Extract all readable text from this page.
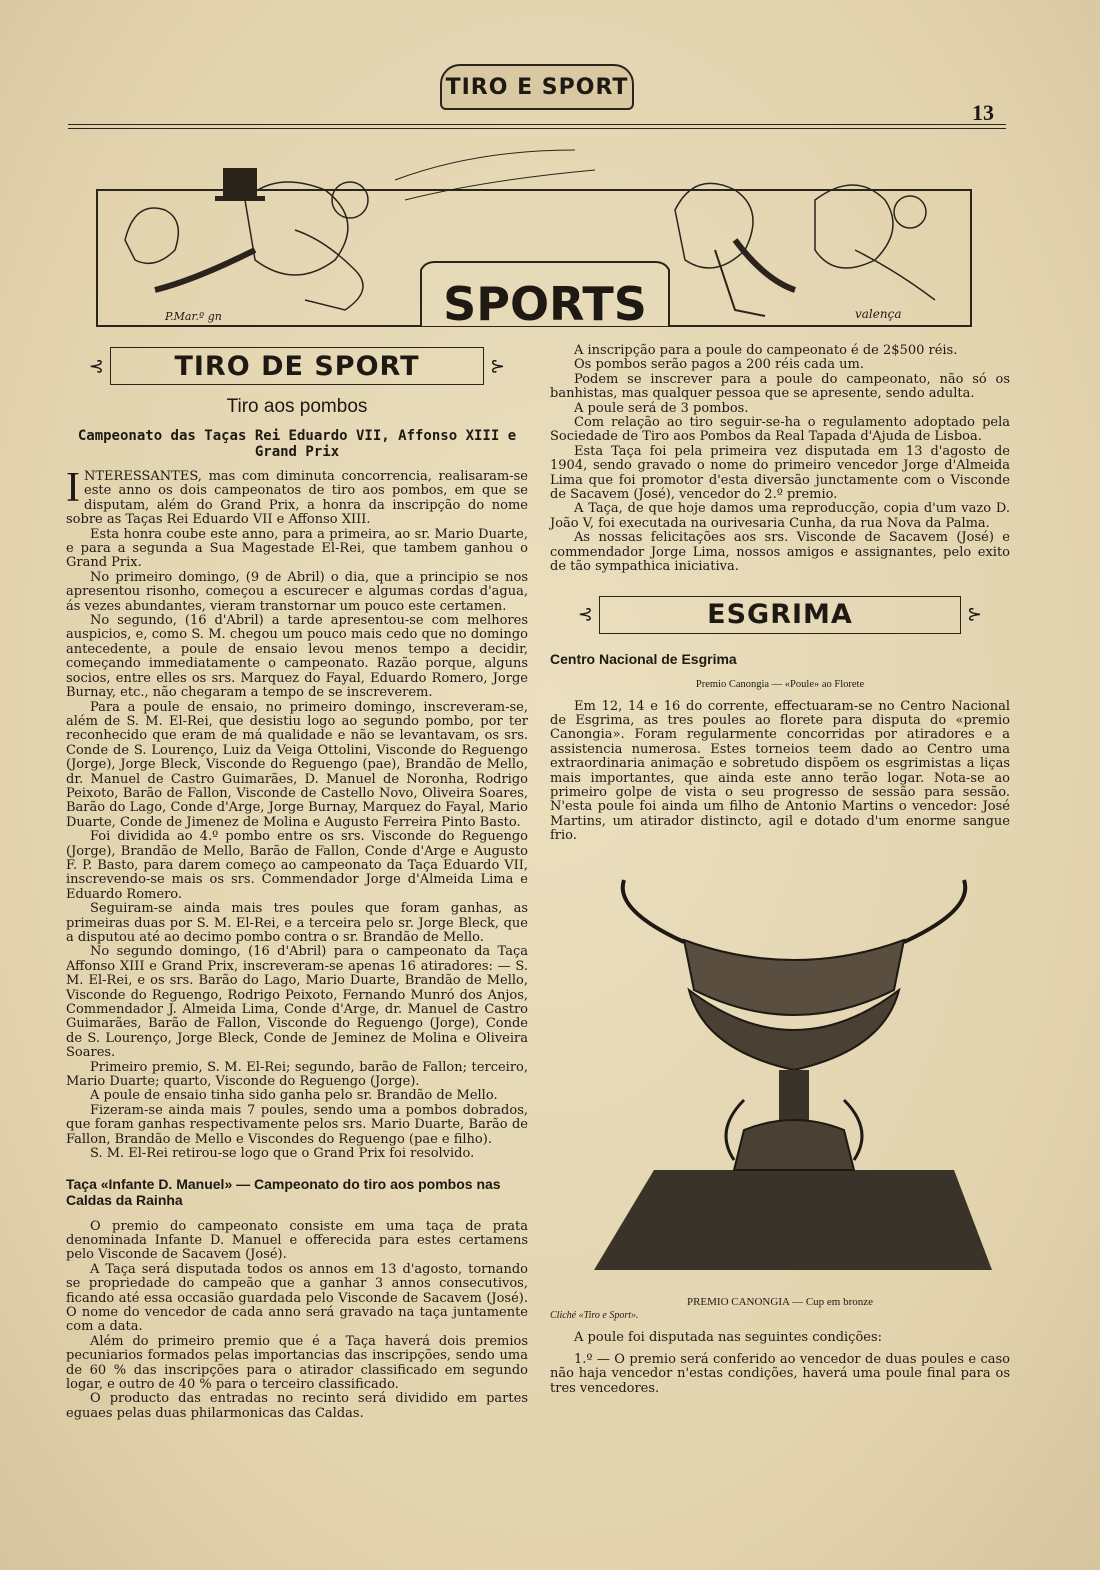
TIRO E SPORT
13
SPORTS
P.Mar.º gn	valença
⊰	TIRO DE SPORT	⊱
Tiro aos pombos
Campeonato das Taças Rei Eduardo VII, Affonso XIII e Grand Prix

INTERESSANTES, mas com diminuta concorrencia, realisaram-se este anno os dois campeonatos de tiro aos pombos, em que se disputam, além do Grand Prix, a honra da inscripção do nome sobre as Taças Rei Eduardo VII e Affonso XIII.

Esta honra coube este anno, para a primeira, ao sr. Mario Duarte, e para a segunda a Sua Magestade El-Rei, que tambem ganhou o Grand Prix.

No primeiro domingo, (9 de Abril) o dia, que a principio se nos apresentou risonho, começou a escurecer e algumas cordas d'agua, ás vezes abundantes, vieram transtornar um pouco este certamen.

No segundo, (16 d'Abril) a tarde apresentou-se com melhores auspicios, e, como S. M. chegou um pouco mais cedo que no domingo antecedente, a poule de ensaio levou menos tempo a decidir, começando immediatamente o campeonato. Razão porque, alguns socios, entre elles os srs. Marquez do Fayal, Eduardo Romero, Jorge Burnay, etc., não chegaram a tempo de se inscreverem.

Para a poule de ensaio, no primeiro domingo, inscreveram-se, além de S. M. El-Rei, que desistiu logo ao segundo pombo, por ter reconhecido que eram de má qualidade e não se levantavam, os srs. Conde de S. Lourenço, Luiz da Veiga Ottolini, Visconde do Reguengo (Jorge), Jorge Bleck, Visconde do Reguengo (pae), Brandão de Mello, dr. Manuel de Castro Guimarães, D. Manuel de Noronha, Rodrigo Peixoto, Barão de Fallon, Visconde de Castello Novo, Oliveira Soares, Barão do Lago, Conde d'Arge, Jorge Burnay, Marquez do Fayal, Mario Duarte, Conde de Jimenez de Molina e Augusto Ferreira Pinto Basto.

Foi dividida ao 4.º pombo entre os srs. Visconde do Reguengo (Jorge), Brandão de Mello, Barão de Fallon, Conde d'Arge e Augusto F. P. Basto, para darem começo ao campeonato da Taça Eduardo VII, inscrevendo-se mais os srs. Commendador Jorge d'Almeida Lima e Eduardo Romero.

Seguiram-se ainda mais tres poules que foram ganhas, as primeiras duas por S. M. El-Rei, e a terceira pelo sr. Jorge Bleck, que a disputou até ao decimo pombo contra o sr. Brandão de Mello.

No segundo domingo, (16 d'Abril) para o campeonato da Taça Affonso XIII e Grand Prix, inscreveram-se apenas 16 atiradores: — S. M. El-Rei, e os srs. Barão do Lago, Mario Duarte, Brandão de Mello, Visconde do Reguengo, Rodrigo Peixoto, Fernando Munró dos Anjos, Commendador J. Almeida Lima, Conde d'Arge, dr. Manuel de Castro Guimarães, Barão de Fallon, Visconde do Reguengo (Jorge), Conde de S. Lourenço, Jorge Bleck, Conde de Jeminez de Molina e Oliveira Soares.

Primeiro premio, S. M. El-Rei; segundo, barão de Fallon; terceiro, Mario Duarte; quarto, Visconde do Reguengo (Jorge).

A poule de ensaio tinha sido ganha pelo sr. Brandão de Mello.

Fizeram-se ainda mais 7 poules, sendo uma a pombos dobrados, que foram ganhas respectivamente pelos srs. Mario Duarte, Barão de Fallon, Brandão de Mello e Viscondes do Reguengo (pae e filho).

S. M. El-Rei retirou-se logo que o Grand Prix foi resolvido.

Taça «Infante D. Manuel» — Campeonato do tiro aos pombos nas Caldas da Rainha

O premio do campeonato consiste em uma taça de prata denominada Infante D. Manuel e offerecida para estes certamens pelo Visconde de Sacavem (José).

A Taça será disputada todos os annos em 13 d'agosto, tornando se propriedade do campeão que a ganhar 3 annos consecutivos, ficando até essa occasião guardada pelo Visconde de Sacavem (José). O nome do vencedor de cada anno será gravado na taça juntamente com a data.

Além do primeiro premio que é a Taça haverá dois premios pecuniarios formados pelas importancias das inscripções, sendo uma de 60 % das inscripções para o atirador classificado em segundo logar, e outro de 40 % para o terceiro classificado.

O producto das entradas no recinto será dividido em partes eguaes pelas duas philarmonicas das Caldas.

A inscripção para a poule do campeonato é de 2$500 réis.

Os pombos serão pagos a 200 réis cada um.

Podem se inscrever para a poule do campeonato, não só os banhistas, mas qualquer pessoa que se apresente, sendo adulta.

A poule será de 3 pombos.

Com relação ao tiro seguir-se-ha o regulamento adoptado pela Sociedade de Tiro aos Pombos da Real Tapada d'Ajuda de Lisboa.

Esta Taça foi pela primeira vez disputada em 13 d'agosto de 1904, sendo gravado o nome do primeiro vencedor Jorge d'Almeida Lima que foi promotor d'esta diversão junctamente com o Visconde de Sacavem (José), vencedor do 2.º premio.

A Taça, de que hoje damos uma reproducção, copia d'um vazo D. João V, foi executada na ourivesaria Cunha, da rua Nova da Palma.

As nossas felicitações aos srs. Visconde de Sacavem (José) e commendador Jorge Lima, nossos amigos e assignantes, pelo exito de tão sympathica iniciativa.

⊰	ESGRIMA	⊱
Centro Nacional de Esgrima
Premio Canongia — «Poule» ao Florete

Em 12, 14 e 16 do corrente, effectuaram-se no Centro Nacional de Esgrima, as tres poules ao florete para disputa do «premio Canongia». Foram regularmente concorridas por atiradores e a assistencia numerosa. Estes torneios teem dado ao Centro uma extraordinaria animação e sobretudo dispõem os esgrimistas a liças mais importantes, que ainda este anno terão logar. Nota-se ao primeiro golpe de vista o seu progresso de sessão para sessão. N'esta poule foi ainda um filho de Antonio Martins o vencedor: José Martins, um atirador distincto, agil e dotado d'um enorme sangue frio.

PREMIO CANONGIA — Cup em bronze
Cliché «Tiro e Sport».

A poule foi disputada nas seguintes condições:

1.º — O premio será conferido ao vencedor de duas poules e caso não haja vencedor n'estas condições, haverá uma poule final para os tres vencedores.
